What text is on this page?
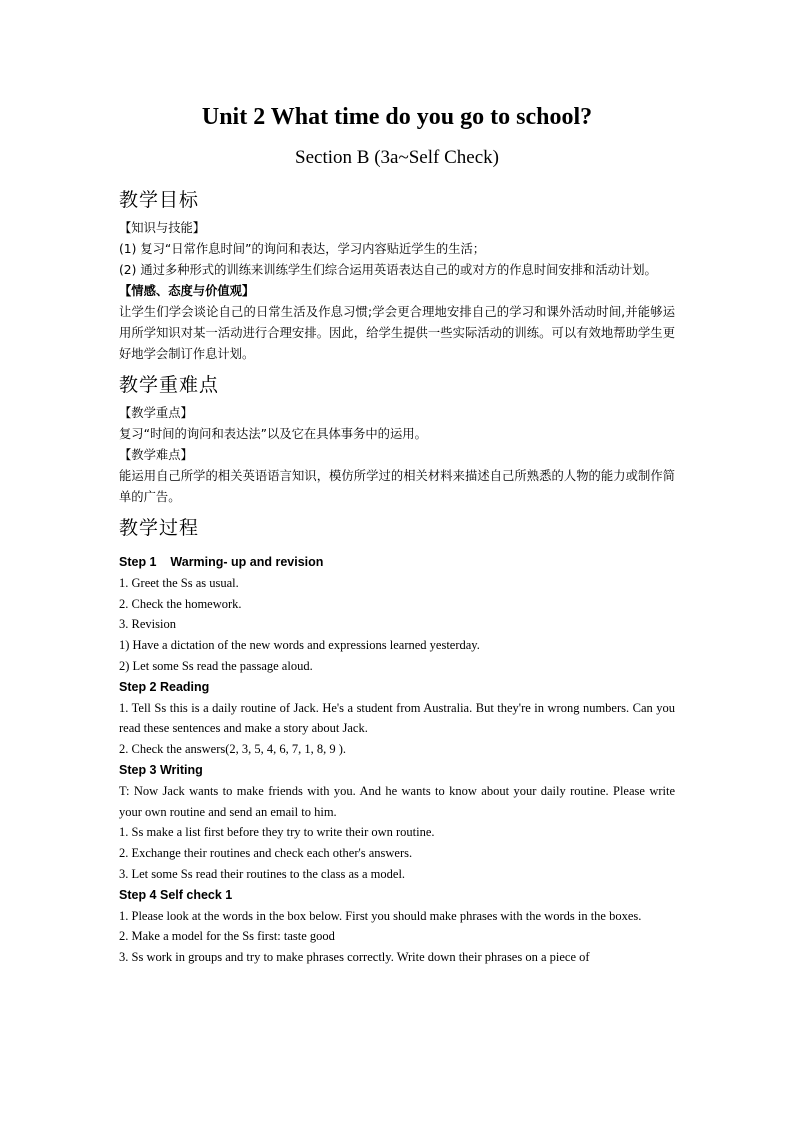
Unit 2 What time do you go to school?

Section B (3a~Self Check)

教学目标

【知识与技能】

(1) 复习“日常作息时间”的询问和表达，学习内容贴近学生的生活；

(2) 通过多种形式的训练来训练学生们综合运用英语表达自己的或对方的作息时间安排和活动计划。

【情感、态度与价值观】

让学生们学会谈论自己的日常生活及作息习惯;学会更合理地安排自己的学习和课外活动时间,并能够运用所学知识对某一活动进行合理安排。因此，给学生提供一些实际活动的训练。可以有效地帮助学生更好地学会制订作息计划。

教学重难点

【教学重点】

复习“时间的询问和表达法”以及它在具体事务中的运用。

【教学难点】

能运用自己所学的相关英语语言知识，模仿所学过的相关材料来描述自己所熟悉的人物的能力或制作简单的广告。

教学过程

Step 1    Warming- up and revision

1. Greet the Ss as usual.

2. Check the homework.

3. Revision

1) Have a dictation of the new words and expressions learned yesterday.

2) Let some Ss read the passage aloud.

Step 2 Reading

1. Tell Ss this is a daily routine of Jack. He's a student from Australia. But they're in wrong numbers. Can you read these sentences and make a story about Jack.

2. Check the answers(2, 3, 5, 4, 6, 7, 1, 8, 9 ).

Step 3 Writing

T: Now Jack wants to make friends with you. And he wants to know about your daily routine. Please write your own routine and send an email to him.

1. Ss make a list first before they try to write their own routine.

2. Exchange their routines and check each other's answers.

3. Let some Ss read their routines to the class as a model.

Step 4 Self check 1

1. Please look at the words in the box below. First you should make phrases with the words in the boxes.

2. Make a model for the Ss first: taste good

3. Ss work in groups and try to make phrases correctly. Write down their phrases on a piece of
